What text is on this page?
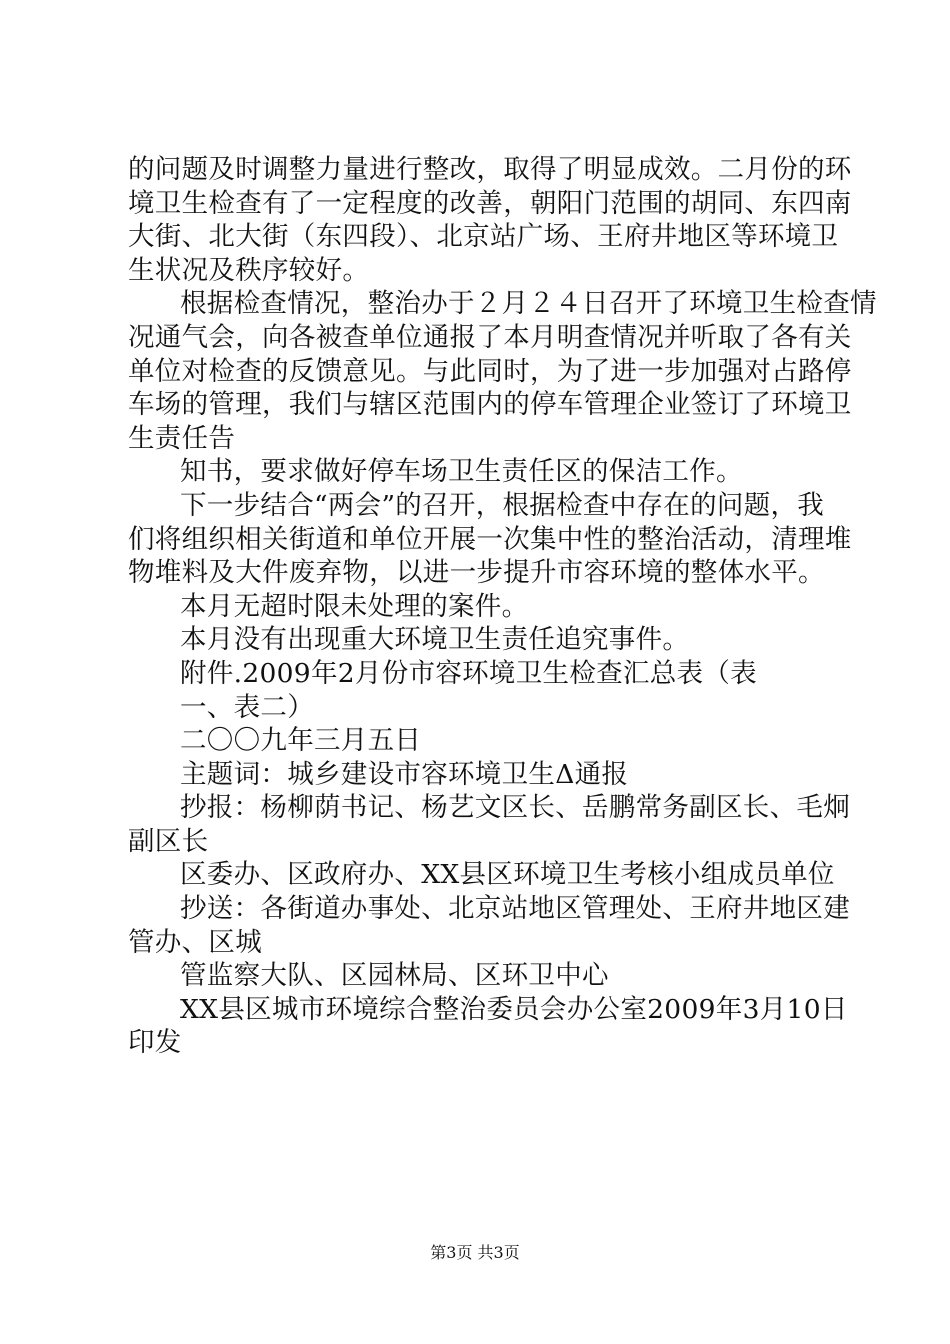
的问题及时调整力量进行整改，取得了明显成效。二月份的环
境卫生检查有了一定程度的改善，朝阳门范围的胡同、东四南
大街、北大街（东四段）、北京站广场、王府井地区等环境卫
生状况及秩序较好。
根据检查情况，整治办于２月２４日召开了环境卫生检查情
况通气会，向各被查单位通报了本月明查情况并听取了各有关
单位对检查的反馈意见。与此同时，为了进一步加强对占路停
车场的管理，我们与辖区范围内的停车管理企业签订了环境卫
生责任告
知书，要求做好停车场卫生责任区的保洁工作。
下一步结合“两会”的召开，根据检查中存在的问题，我
们将组织相关街道和单位开展一次集中性的整治活动，清理堆
物堆料及大件废弃物，以进一步提升市容环境的整体水平。
本月无超时限未处理的案件。
本月没有出现重大环境卫生责任追究事件。
附件.2009年2月份市容环境卫生检查汇总表（表
一、表二）
二〇〇九年三月五日
主题词：城乡建设市容环境卫生Δ通报
抄报：杨柳荫书记、杨艺文区长、岳鹏常务副区长、毛炯
副区长
区委办、区政府办、XX县区环境卫生考核小组成员单位
抄送：各街道办事处、北京站地区管理处、王府井地区建
管办、区城
管监察大队、区园林局、区环卫中心
XX县区城市环境综合整治委员会办公室2009年3月10日
印发
第3页 共3页
